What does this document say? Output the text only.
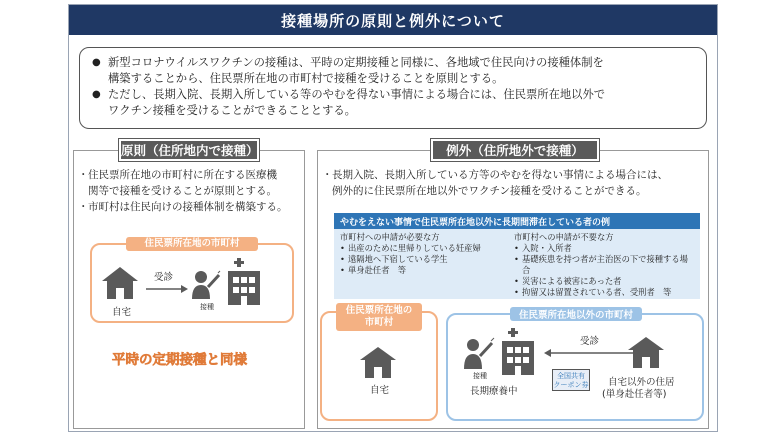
接種場所の原則と例外について
● 新型コロナウイルスワクチンの接種は、平時の定期接種と同様に、各地域で住民向けの接種体制を
構築することから、住民票所在地の市町村で接種を受けることを原則とする。
● ただし、長期入院、長期入所している等のやむを得ない事情による場合には、住民票所在地以外で
ワクチン接種を受けることができることとする。
・ 住民票所在地の市町村に所在する医療機
関等で接種を受けることが原則とする。
・ 市町村は住民向けの接種体制を構築する。
住民票所在地の市町村
自宅
受診
接種
平時の定期接種と同様
原則（住所地内で接種）
・ 長期入院、長期入所している方等のやむを得ない事情による場合には、
例外的に住民票所在地以外でワクチン接種を受けることができる。
やむをえない事情で住民票所在地以外に長期間滞在している者の例
市町村への申請が必要な方
• 出産のために里帰りしている妊産婦
• 遠隔地へ下宿している学生
• 単身赴任者　等
市町村への申請が不要な方
• 入院・入所者
• 基礎疾患を持つ者が主治医の下で接種する場合
• 災害による被害にあった者
• 拘留又は留置されている者、受刑者　等
住民票所在地の
市町村
自宅
住民票所在地以外の市町村
接種
長期療養中
受診
全国共有
クーポン券 自宅以外の住居
(単身赴任者等)
例外（住所地外で接種）
